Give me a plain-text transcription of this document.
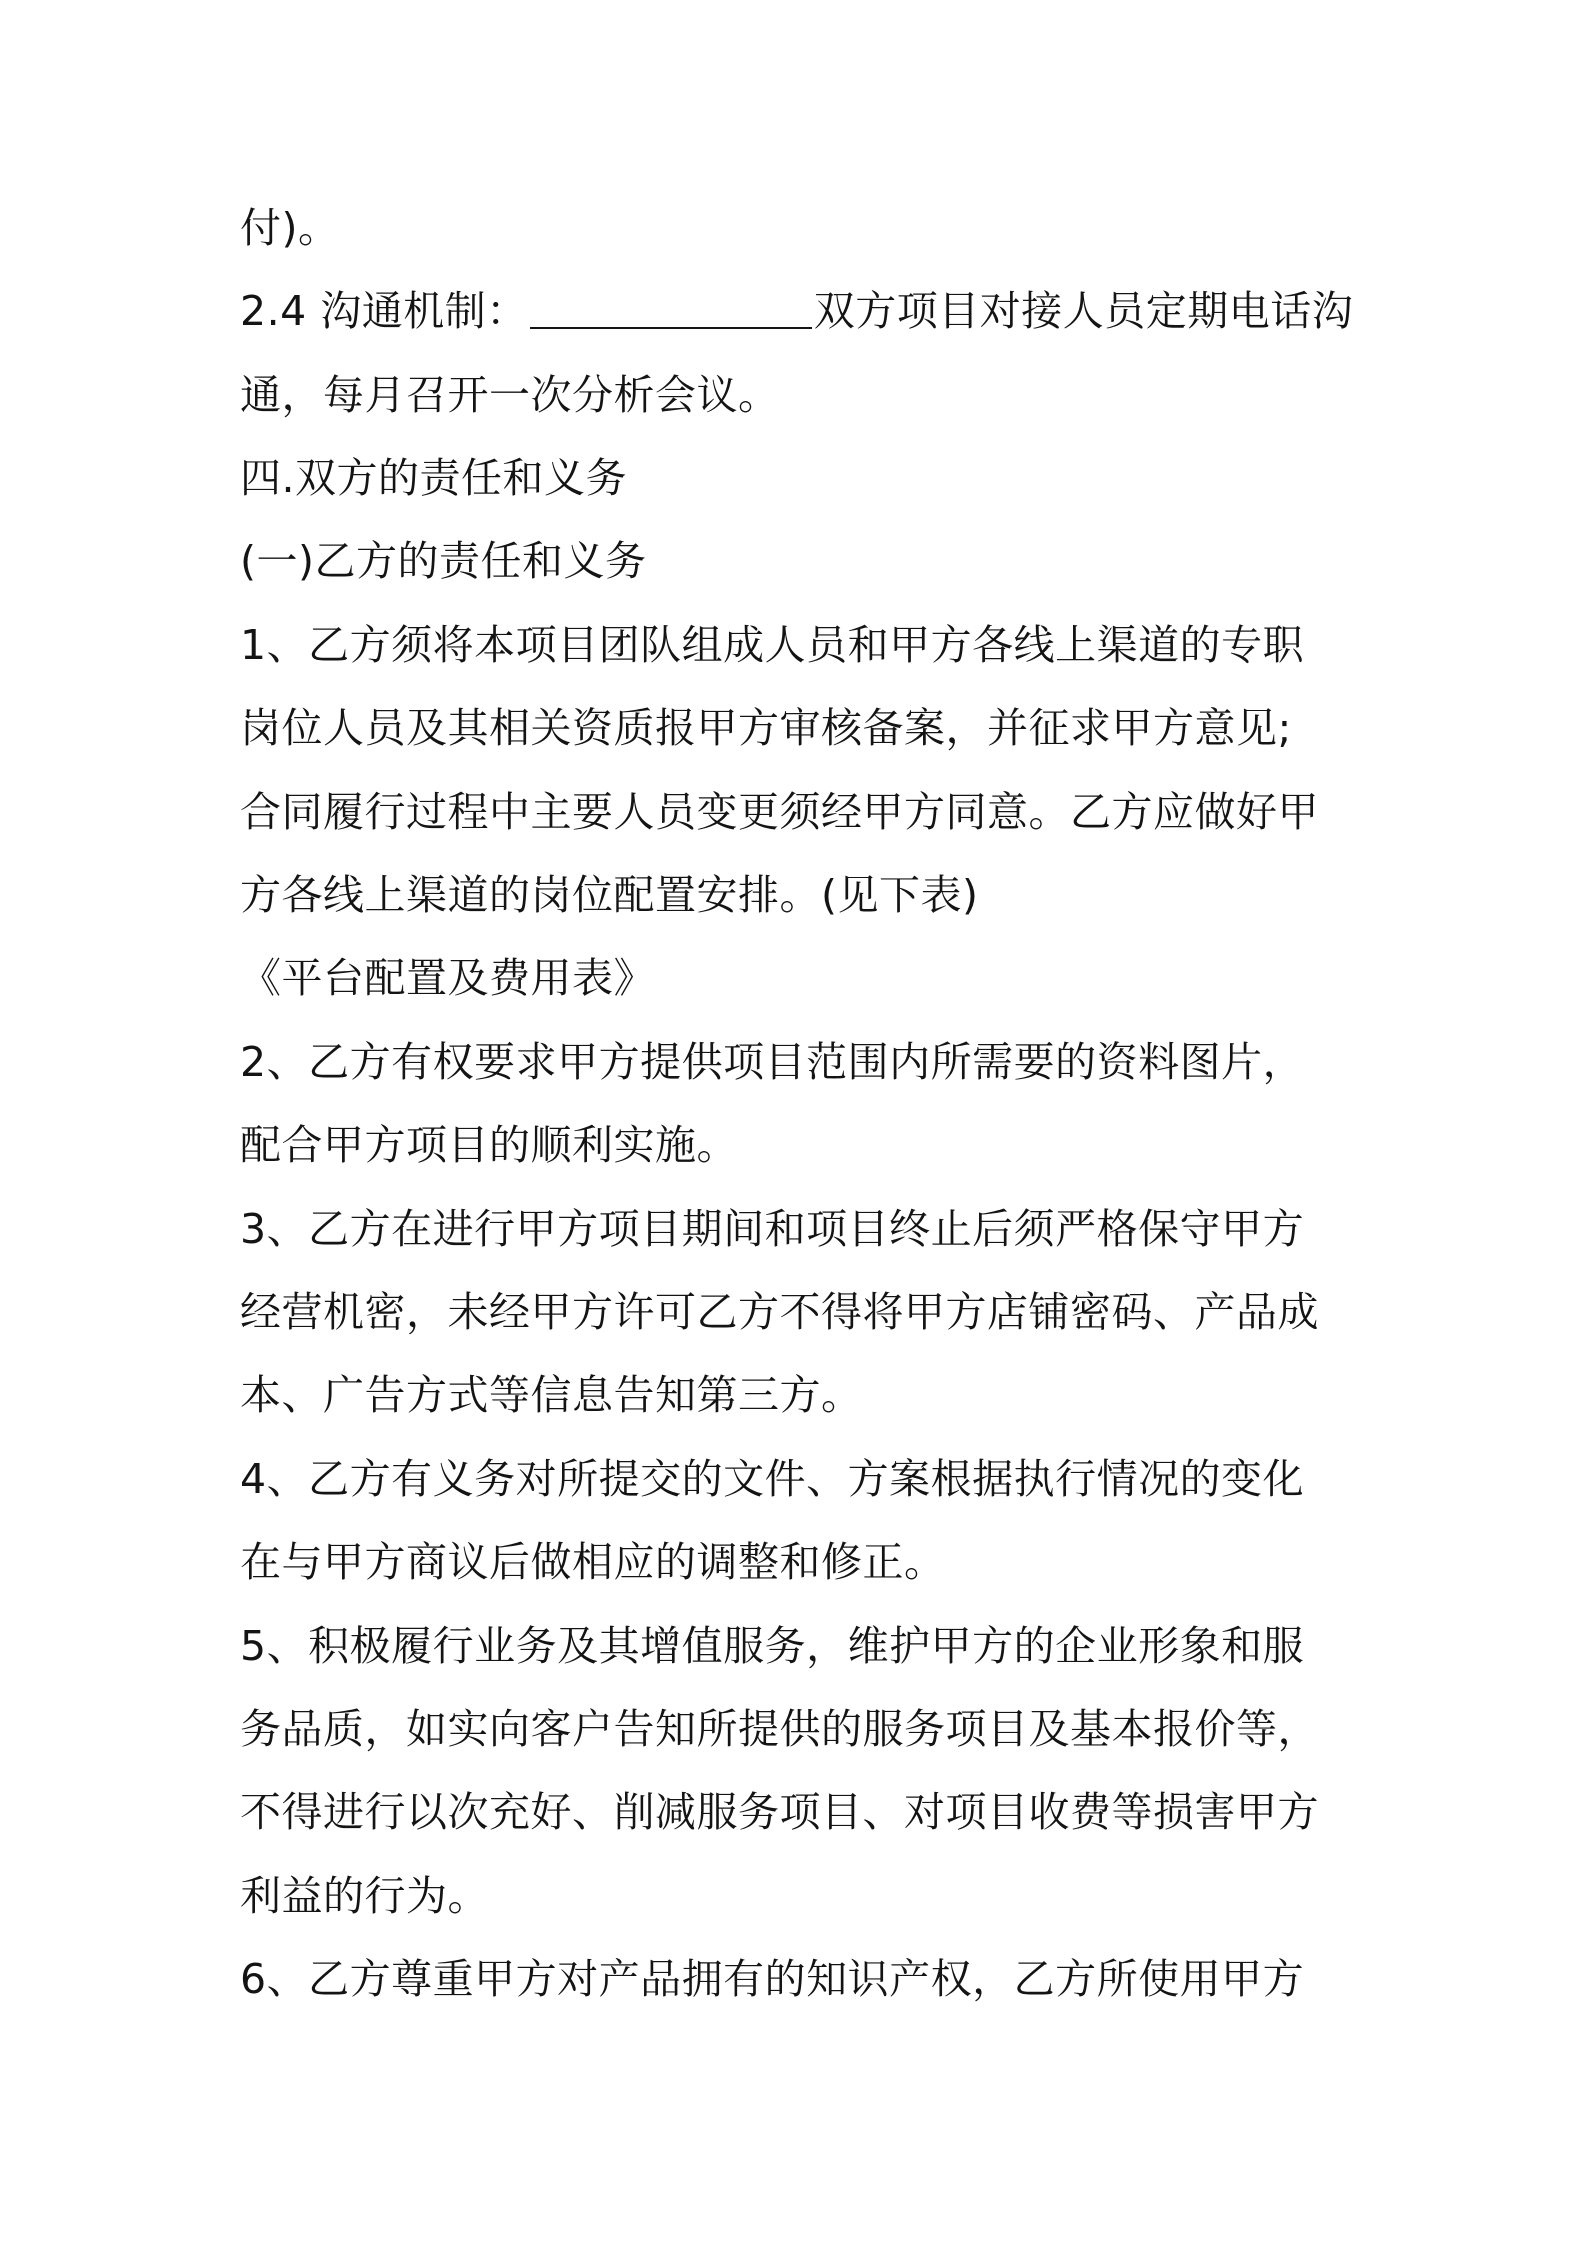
付)。
2.4 沟通机制：	双方项目对接人员定期电话沟
通，每月召开一次分析会议。
四.双方的责任和义务
(一)乙方的责任和义务
1、乙方须将本项目团队组成人员和甲方各线上渠道的专职
岗位人员及其相关资质报甲方审核备案，并征求甲方意见;
合同履行过程中主要人员变更须经甲方同意。乙方应做好甲
方各线上渠道的岗位配置安排。(见下表)
《平台配置及费用表》
2、乙方有权要求甲方提供项目范围内所需要的资料图片，
配合甲方项目的顺利实施。
3、乙方在进行甲方项目期间和项目终止后须严格保守甲方
经营机密，未经甲方许可乙方不得将甲方店铺密码、产品成
本、广告方式等信息告知第三方。
4、乙方有义务对所提交的文件、方案根据执行情况的变化
在与甲方商议后做相应的调整和修正。
5、积极履行业务及其增值服务，维护甲方的企业形象和服
务品质，如实向客户告知所提供的服务项目及基本报价等，
不得进行以次充好、削减服务项目、对项目收费等损害甲方
利益的行为。
6、乙方尊重甲方对产品拥有的知识产权，乙方所使用甲方
